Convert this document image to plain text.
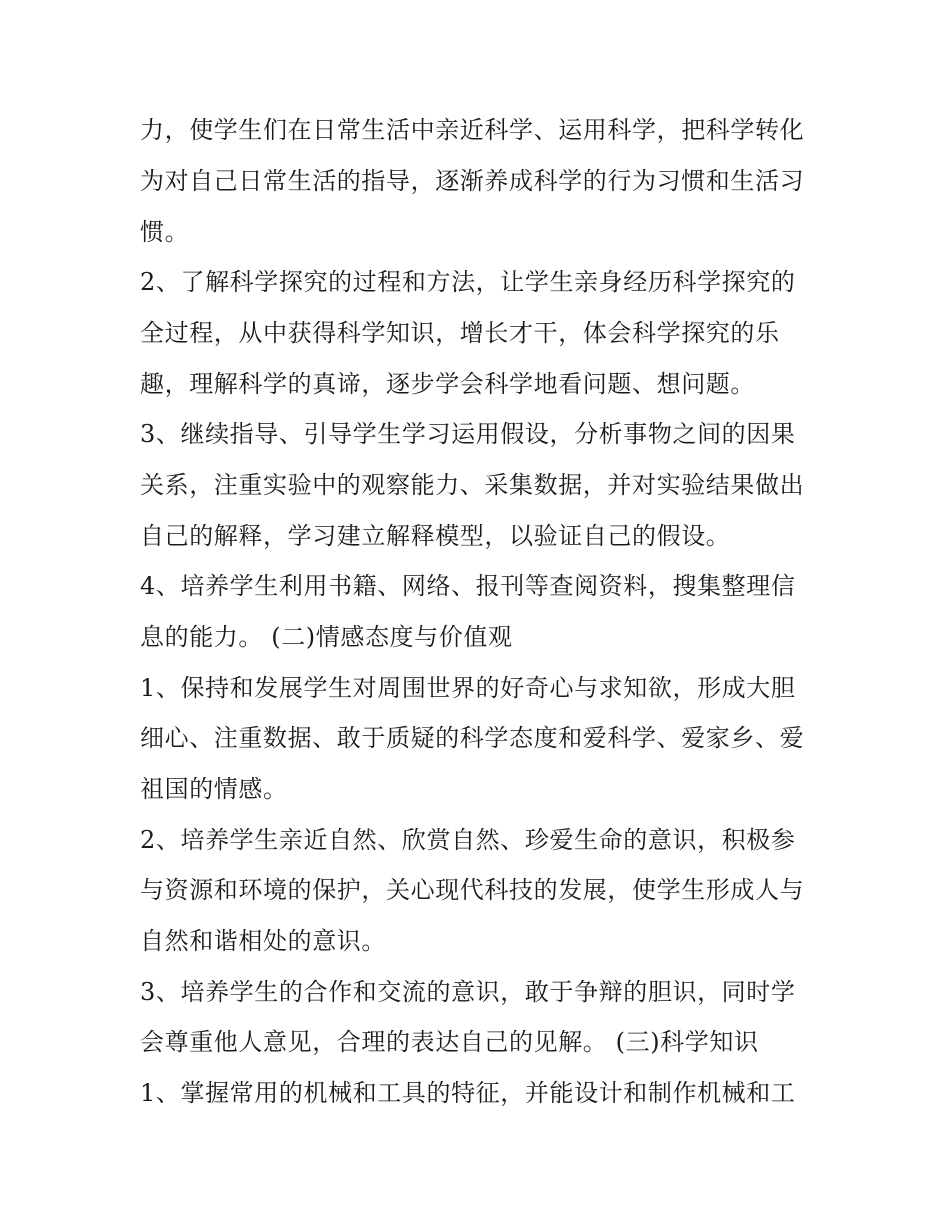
力，使学生们在日常生活中亲近科学、运用科学，把科学转化
为对自己日常生活的指导，逐渐养成科学的行为习惯和生活习
惯。
2、了解科学探究的过程和方法，让学生亲身经历科学探究的
全过程，从中获得科学知识，增长才干，体会科学探究的乐
趣，理解科学的真谛，逐步学会科学地看问题、想问题。
3、继续指导、引导学生学习运用假设，分析事物之间的因果
关系，注重实验中的观察能力、采集数据，并对实验结果做出
自己的解释，学习建立解释模型，以验证自己的假设。
4、培养学生利用书籍、网络、报刊等查阅资料，搜集整理信
息的能力。 (二)情感态度与价值观
1、保持和发展学生对周围世界的好奇心与求知欲，形成大胆
细心、注重数据、敢于质疑的科学态度和爱科学、爱家乡、爱
祖国的情感。
2、培养学生亲近自然、欣赏自然、珍爱生命的意识，积极参
与资源和环境的保护，关心现代科技的发展，使学生形成人与
自然和谐相处的意识。
3、培养学生的合作和交流的意识，敢于争辩的胆识，同时学
会尊重他人意见，合理的表达自己的见解。 (三)科学知识
1、掌握常用的机械和工具的特征，并能设计和制作机械和工
